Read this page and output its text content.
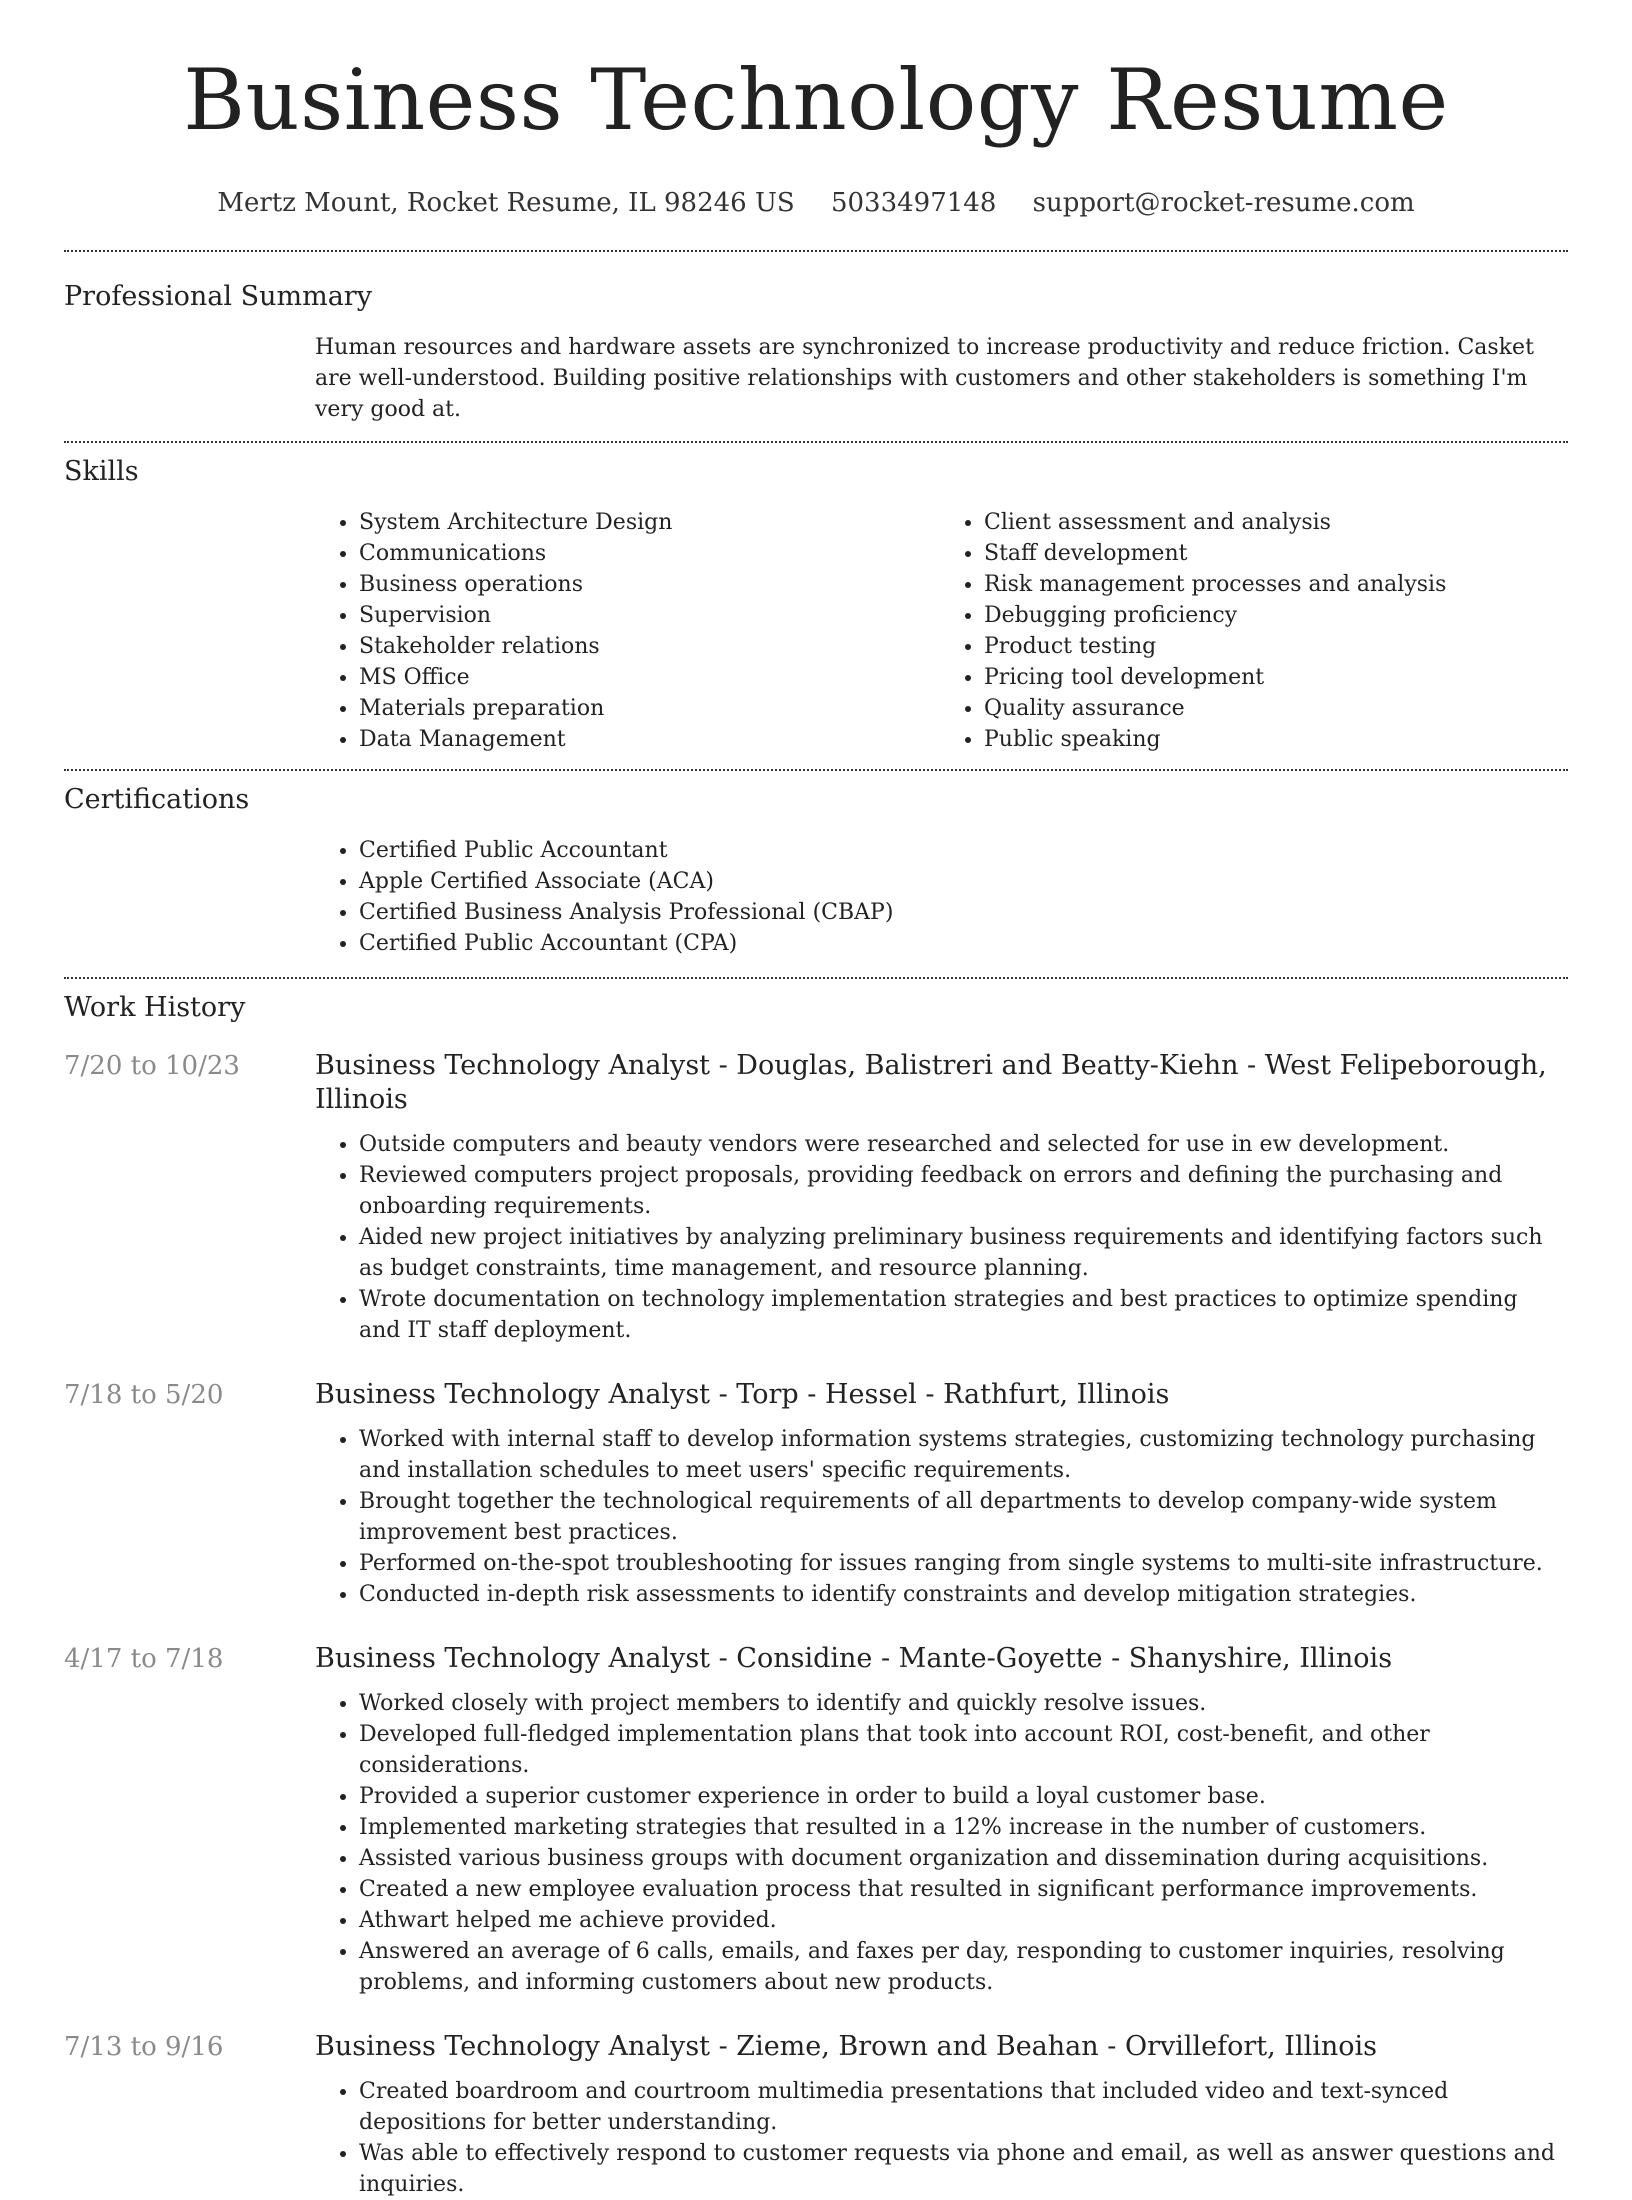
Business Technology Resume
Mertz Mount, Rocket Resume, IL 98246 US 5033497148 support@rocket-resume.com
Professional Summary
Human resources and hardware assets are synchronized to increase productivity and reduce friction. Casket are well-understood. Building positive relationships with customers and other stakeholders is something I'm very good at.
Skills
• System Architecture Design
• Communications
• Business operations
• Supervision
• Stakeholder relations
• MS Office
• Materials preparation
• Data Management
• Client assessment and analysis
• Staff development
• Risk management processes and analysis
• Debugging proficiency
• Product testing
• Pricing tool development
• Quality assurance
• Public speaking
Certifications
• Certified Public Accountant
• Apple Certified Associate (ACA)
• Certified Business Analysis Professional (CBAP)
• Certified Public Accountant (CPA)
Work History
7/20 to 10/23	Business Technology Analyst - Douglas, Balistreri and Beatty-Kiehn - West Felipeborough, Illinois
• Outside computers and beauty vendors were researched and selected for use in ew development.
• Reviewed computers project proposals, providing feedback on errors and defining the purchasing and onboarding requirements.
• Aided new project initiatives by analyzing preliminary business requirements and identifying factors such as budget constraints, time management, and resource planning.
• Wrote documentation on technology implementation strategies and best practices to optimize spending and IT staff deployment.
7/18 to 5/20	Business Technology Analyst - Torp - Hessel - Rathfurt, Illinois
• Worked with internal staff to develop information systems strategies, customizing technology purchasing and installation schedules to meet users' specific requirements.
• Brought together the technological requirements of all departments to develop company-wide system improvement best practices.
• Performed on-the-spot troubleshooting for issues ranging from single systems to multi-site infrastructure.
• Conducted in-depth risk assessments to identify constraints and develop mitigation strategies.
4/17 to 7/18	Business Technology Analyst - Considine - Mante-Goyette - Shanyshire, Illinois
• Worked closely with project members to identify and quickly resolve issues.
• Developed full-fledged implementation plans that took into account ROI, cost-benefit, and other considerations.
• Provided a superior customer experience in order to build a loyal customer base.
• Implemented marketing strategies that resulted in a 12% increase in the number of customers.
• Assisted various business groups with document organization and dissemination during acquisitions.
• Created a new employee evaluation process that resulted in significant performance improvements.
• Athwart helped me achieve provided.
• Answered an average of 6 calls, emails, and faxes per day, responding to customer inquiries, resolving problems, and informing customers about new products.
7/13 to 9/16	Business Technology Analyst - Zieme, Brown and Beahan - Orvillefort, Illinois
• Created boardroom and courtroom multimedia presentations that included video and text-synced depositions for better understanding.
• Was able to effectively respond to customer requests via phone and email, as well as answer questions and inquiries.
